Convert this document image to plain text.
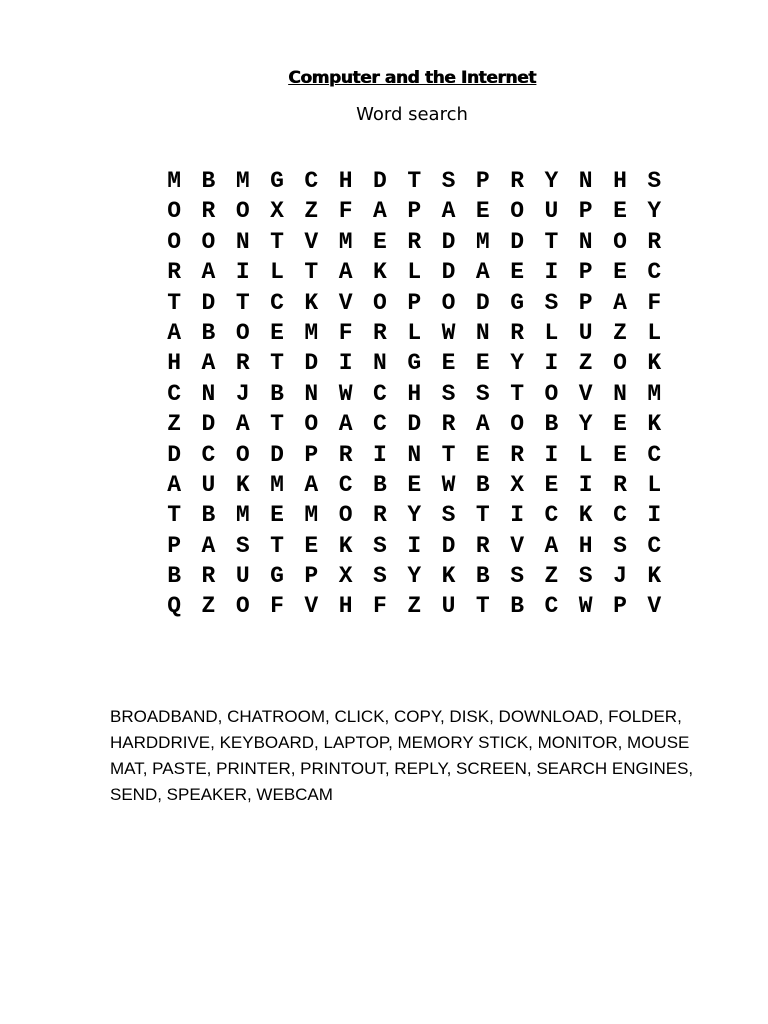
Computer and the Internet
Word search
M B M G C H D T S P R Y N H S
O R O X Z F A P A E O U P E Y
O O N T V M E R D M D T N O R
R A I L T A K L D A E I P E C
T D T C K V O P O D G S P A F
A B O E M F R L W N R L U Z L
H A R T D I N G E E Y I Z O K
C N J B N W C H S S T O V N M
Z D A T O A C D R A O B Y E K
D C O D P R I N T E R I L E C
A U K M A C B E W B X E I R L
T B M E M O R Y S T I C K C I
P A S T E K S I D R V A H S C
B R U G P X S Y K B S Z S J K
Q Z O F V H F Z U T B C W P V

BROADBAND, CHATROOM, CLICK, COPY, DISK, DOWNLOAD, FOLDER, HARDDRIVE, KEYBOARD, LAPTOP, MEMORY STICK, MONITOR, MOUSE MAT, PASTE, PRINTER, PRINTOUT, REPLY, SCREEN, SEARCH ENGINES, SEND, SPEAKER, WEBCAM
